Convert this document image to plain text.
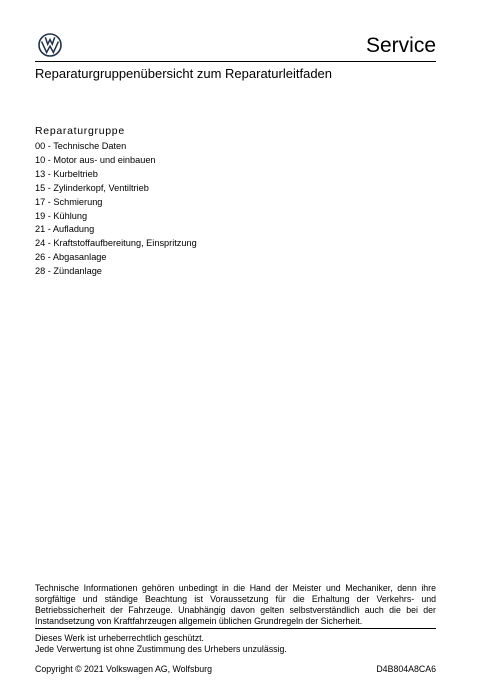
Service
Reparaturgruppenübersicht zum Reparaturleitfaden
Reparaturgruppe
00 - Technische Daten
10 - Motor aus- und einbauen
13 - Kurbeltrieb
15 - Zylinderkopf, Ventiltrieb
17 - Schmierung
19 - Kühlung
21 - Aufladung
24 - Kraftstoffaufbereitung, Einspritzung
26 - Abgasanlage
28 - Zündanlage

Technische Informationen gehören unbedingt in die Hand der Meister und Mechaniker, denn ihre sorgfältige und ständige Beachtung ist Voraussetzung für die Erhaltung der Verkehrs- und Betriebssicherheit der Fahrzeuge. Unabhängig davon gelten selbstverständlich auch die bei der Instandsetzung von Kraftfahrzeugen allgemein üblichen Grundregeln der Sicherheit.

Dieses Werk ist urheberrechtlich geschützt.
Jede Verwertung ist ohne Zustimmung des Urhebers unzulässig.
Copyright © 2021 Volkswagen AG, Wolfsburg	D4B804A8CA6
